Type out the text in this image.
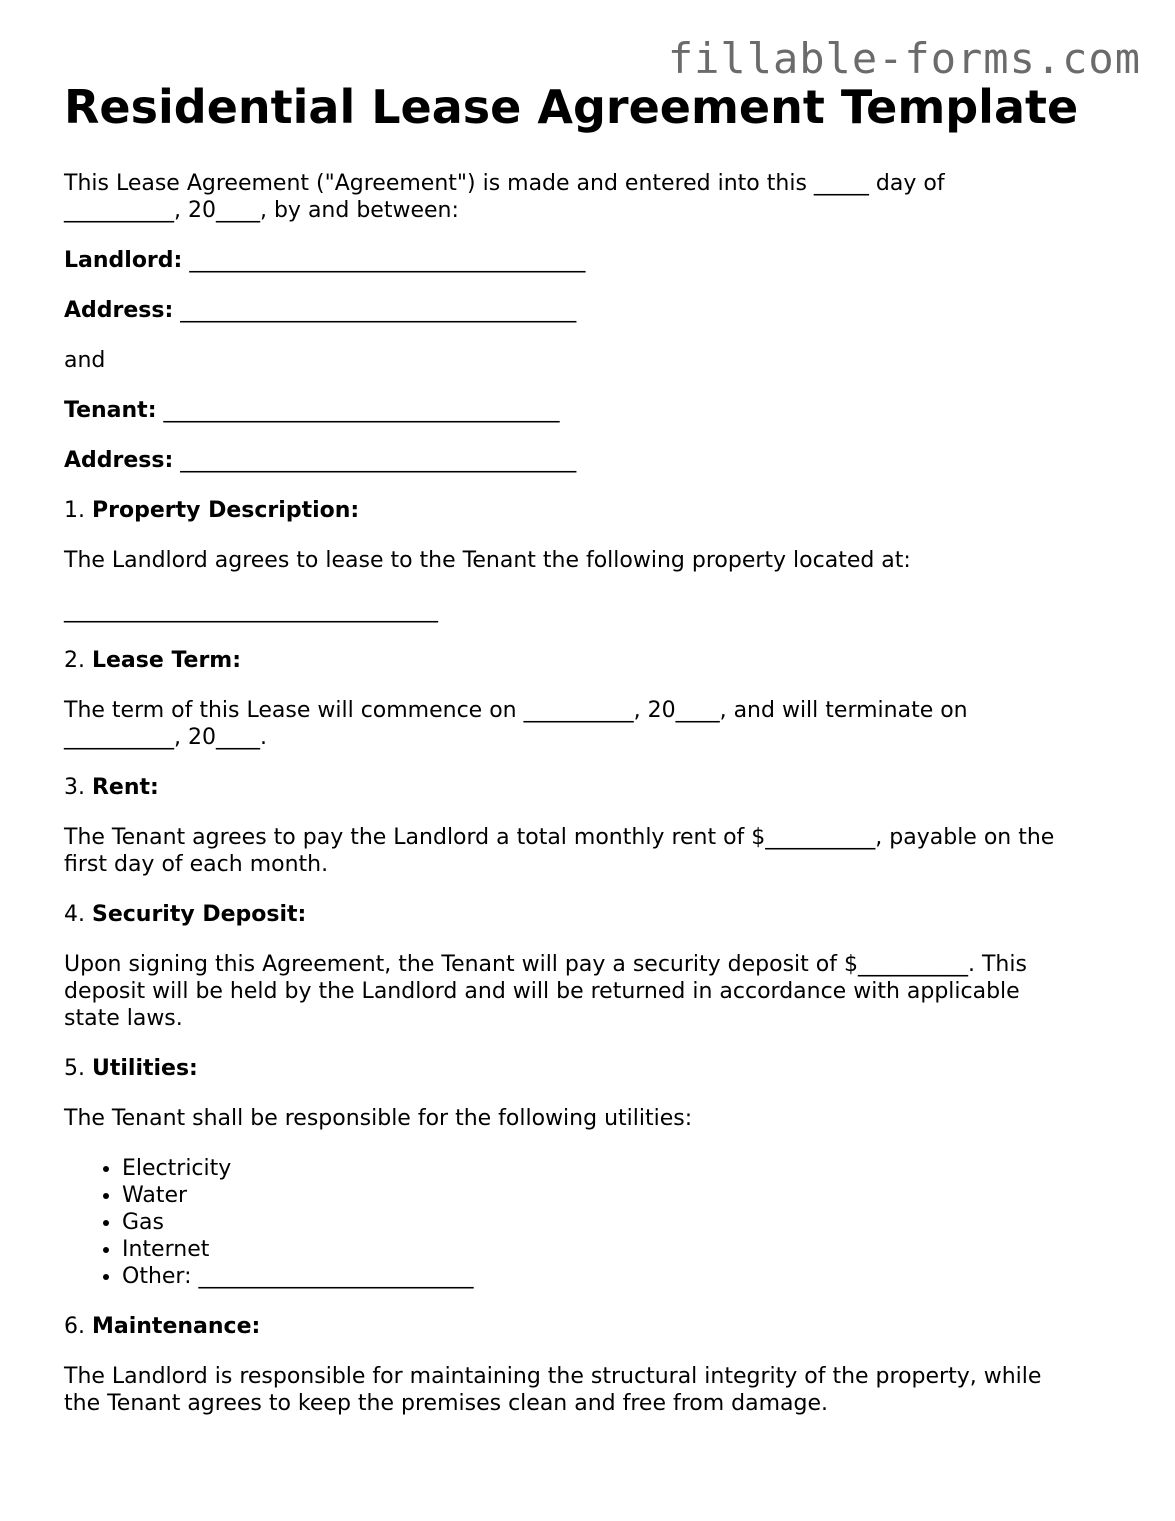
fillable-forms.com
Residential Lease Agreement Template

This Lease Agreement ("Agreement") is made and entered into this _____ day of
__________, 20____, by and between:

Landlord: ____________________________________

Address: ____________________________________

and

Tenant: ____________________________________

Address: ____________________________________

1. Property Description:

The Landlord agrees to lease to the Tenant the following property located at:

__________________________________

2. Lease Term:

The term of this Lease will commence on __________, 20____, and will terminate on
__________, 20____.

3. Rent:

The Tenant agrees to pay the Landlord a total monthly rent of $__________, payable on the
first day of each month.

4. Security Deposit:

Upon signing this Agreement, the Tenant will pay a security deposit of $__________. This
deposit will be held by the Landlord and will be returned in accordance with applicable
state laws.

5. Utilities:

The Tenant shall be responsible for the following utilities:

• Electricity
• Water
• Gas
• Internet
• Other: _________________________

6. Maintenance:

The Landlord is responsible for maintaining the structural integrity of the property, while
the Tenant agrees to keep the premises clean and free from damage.
